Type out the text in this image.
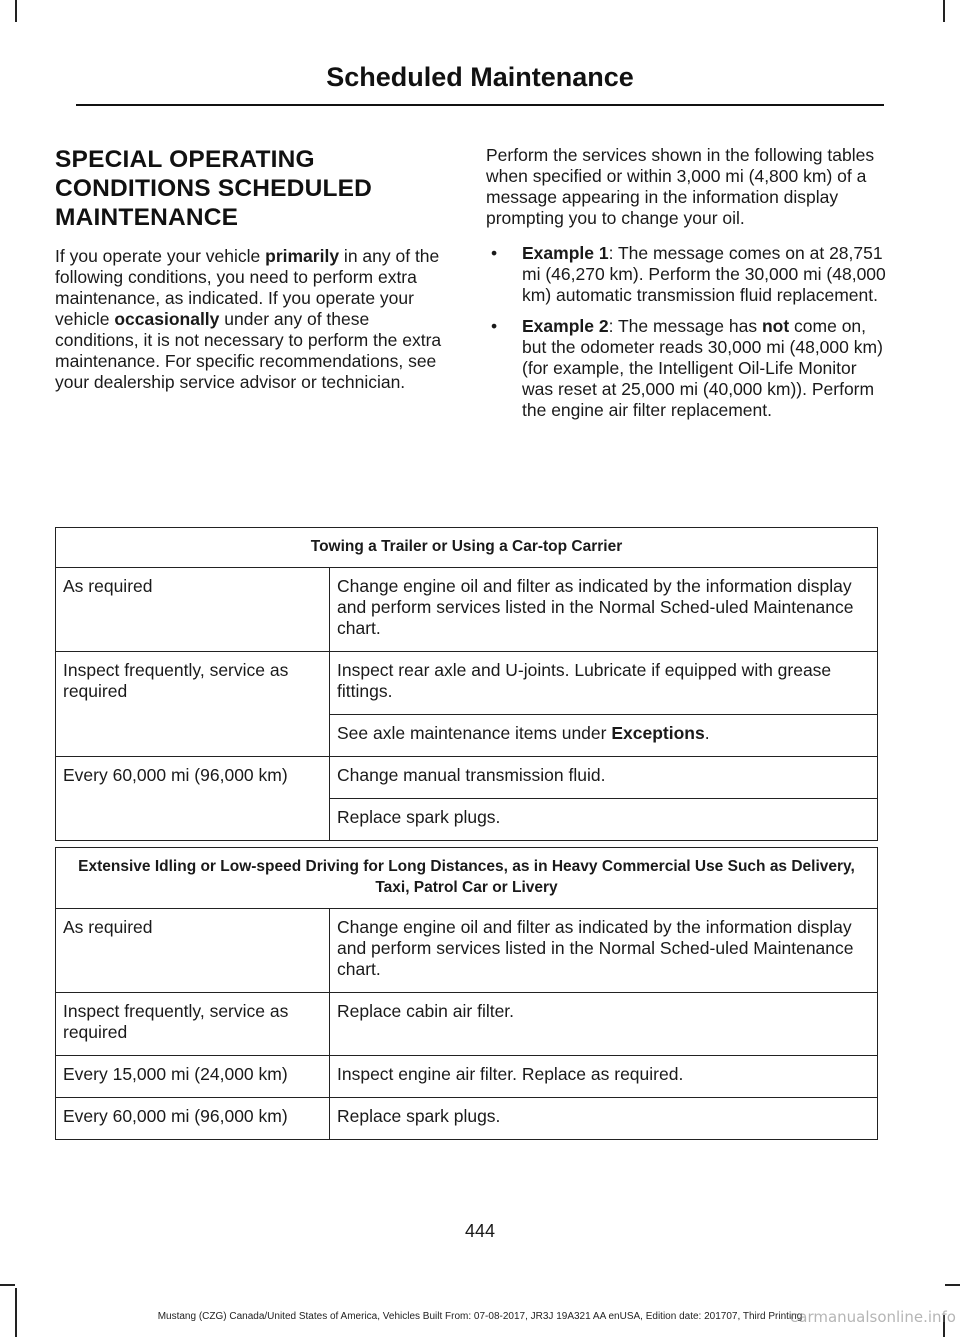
Scheduled Maintenance
SPECIAL OPERATING
CONDITIONS SCHEDULED
MAINTENANCE

If you operate your vehicle primarily in any of the following conditions, you need to perform extra maintenance, as indicated. If you operate your vehicle occasionally under any of these conditions, it is not necessary to perform the extra maintenance. For specific recommendations, see your dealership service advisor or technician.

Perform the services shown in the following tables when specified or within 3,000 mi (4,800 km) of a message appearing in the information display prompting you to change your oil.

• Example 1: The message comes on at 28,751 mi (46,270 km). Perform the 30,000 mi (48,000 km) automatic transmission fluid replacement.
• Example 2: The message has not come on, but the odometer reads 30,000 mi (48,000 km) (for example, the Intelligent Oil-Life Monitor was reset at 25,000 mi (40,000 km)). Perform the engine air filter replacement.
Towing a Trailer or Using a Car-top Carrier	
As required	Change engine oil and filter as indicated by the information display and perform services listed in the Normal Sched-uled Maintenance chart.
Inspect frequently, service as required	Inspect rear axle and U-joints. Lubricate if equipped with grease fittings.
	See axle maintenance items under Exceptions.
Every 60,000 mi (96,000 km)	Change manual transmission fluid.
	Replace spark plugs.
Extensive Idling or Low-speed Driving for Long Distances, as in Heavy Commercial Use Such as Delivery, Taxi, Patrol Car or Livery	
As required	Change engine oil and filter as indicated by the information display and perform services listed in the Normal Sched-uled Maintenance chart.
Inspect frequently, service as required	Replace cabin air filter.
Every 15,000 mi (24,000 km)	Inspect engine air filter. Replace as required.
Every 60,000 mi (96,000 km)	Replace spark plugs.
444
Mustang (CZG) Canada/United States of America, Vehicles Built From: 07-08-2017, JR3J 19A321 AA enUSA, Edition date: 201707, Third Printing
carmanualsonline.info
